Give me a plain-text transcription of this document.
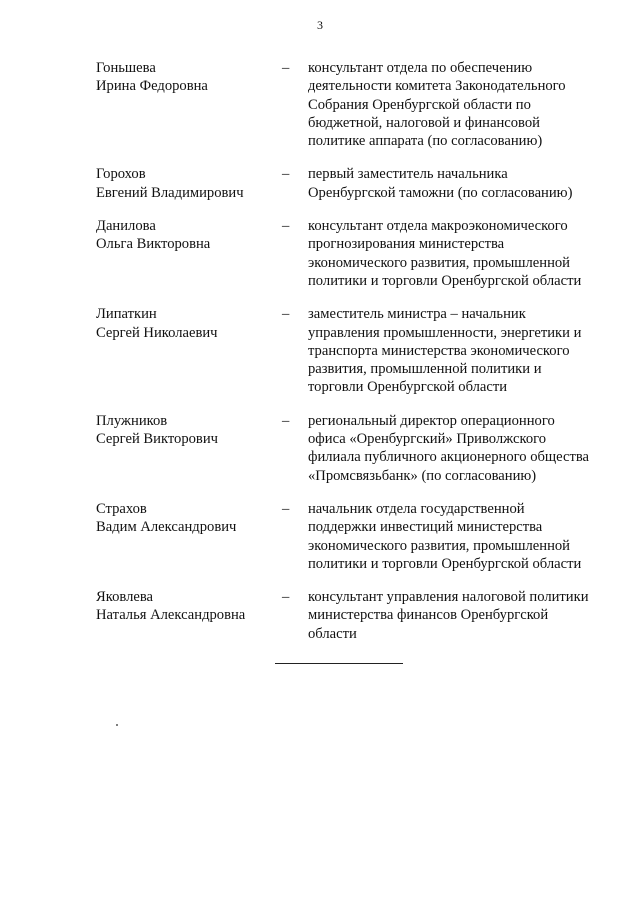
3
Гоньшева
Ирина Федоровна
– консультант отдела по обеспечению
деятельности комитета Законодательного
Собрания Оренбургской области по
бюджетной, налоговой и финансовой
политике аппарата (по согласованию)
Горохов
Евгений Владимирович
– первый заместитель начальника
Оренбургской таможни (по согласованию)
Данилова
Ольга Викторовна
– консультант отдела макроэкономического
прогнозирования министерства
экономического развития, промышленной
политики и торговли Оренбургской области
Липаткин
Сергей Николаевич
– заместитель министра – начальник
управления промышленности, энергетики и
транспорта министерства экономического
развития, промышленной политики и
торговли Оренбургской области
Плужников
Сергей Викторович
– региональный директор операционного
офиса «Оренбургский» Приволжского
филиала публичного акционерного общества
«Промсвязьбанк» (по согласованию)
Страхов
Вадим Александрович
– начальник отдела государственной
поддержки инвестиций министерства
экономического развития, промышленной
политики и торговли Оренбургской области
Яковлева
Наталья Александровна
– консультант управления налоговой политики
министерства финансов Оренбургской
области
